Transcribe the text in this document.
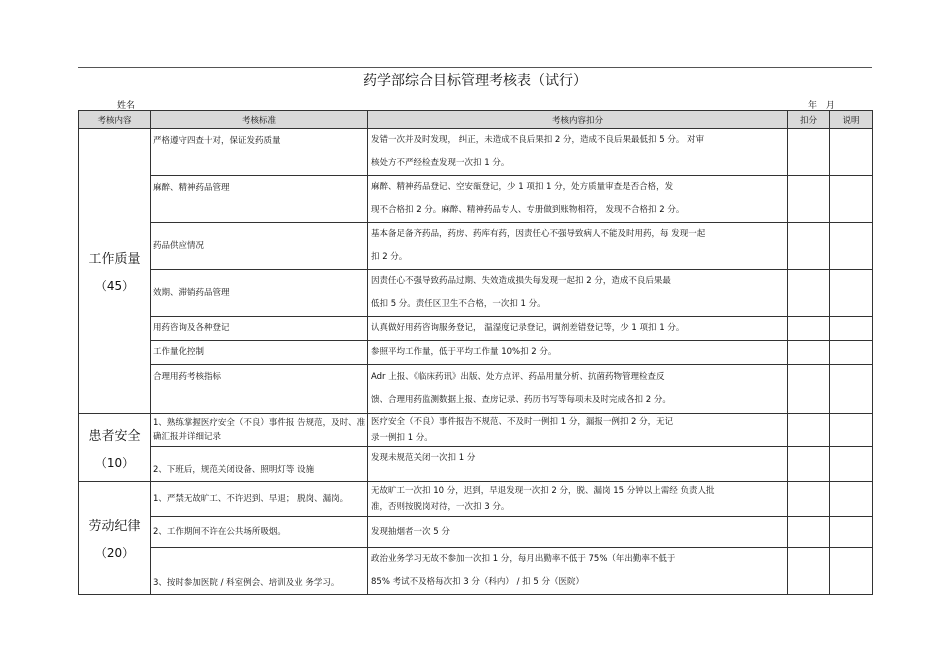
药学部综合目标管理考核表（试行）
姓名	年 月
考核内容	考核标准	考核内容扣分	扣分	说明
工作质量
（45）	严格遵守四查十对，保证发药质量	发错一次并及时发现， 纠正，未造成不良后果扣 2 分，造成不良后果最低扣 5 分。 对审
核处方不严经检查发现一次扣 1 分。		

	麻醉、精神药品管理	麻醉、精神药品登记、空安瓿登记，少 1 项扣 1 分，处方质量审查是否合格，发
现不合格扣 2 分。麻醉、精神药品专人、专册做到账物相符， 发现不合格扣 2 分。		

	药品供应情况	基本备足备齐药品，药房、药库有药，因责任心不强导致病人不能及时用药，每 发现一起
扣 2 分。		

	效期、滞销药品管理	因责任心不强导致药品过期、失效造成损失每发现一起扣 2 分，造成不良后果最
低扣 5 分。责任区卫生不合格，一次扣 1 分。		

	用药咨询及各种登记	认真做好用药咨询服务登记， 温湿度记录登记，调剂差错登记等，少 1 项扣 1 分。		

	工作量化控制	参照平均工作量，低于平均工作量 10%扣 2 分。		

	合理用药考核指标	Adr 上报、《临床药讯》出版、处方点评、药品用量分析、抗菌药物管理检查反
馈、合理用药监测数据上报、查房记录、药历书写等每项未及时完成各扣 2 分。		

患者安全
（10）	1、熟练掌握医疗安全（不良）事件报 告规范，及时、准确汇报并详细记录	医疗安全（不良）事件报告不规范、不及时一例扣 1 分，漏报一例扣 2 分，无记
录一例扣 1 分。		

	2、下班后，规范关闭设备、照明灯等 设施	发现未规范关闭一次扣 1 分		

劳动纪律
（20）	1、严禁无故旷工、不许迟到、早退； 脱岗、漏岗。	无故旷工一次扣 10 分，迟到，早退发现一次扣 2 分，脱、漏岗 15 分钟以上需经 负责人批
准，否则按脱岗对待，一次扣 3 分。		

	2、工作期间不许在公共场所吸烟。	发现抽烟者一次 5 分		

	3、按时参加医院 / 科室例会、培训及业 务学习。	政治业务学习无故不参加一次扣 1 分，每月出勤率不低于 75%（年出勤率不低于
85% 考试不及格每次扣 3 分（科内） / 扣 5 分（医院）		
